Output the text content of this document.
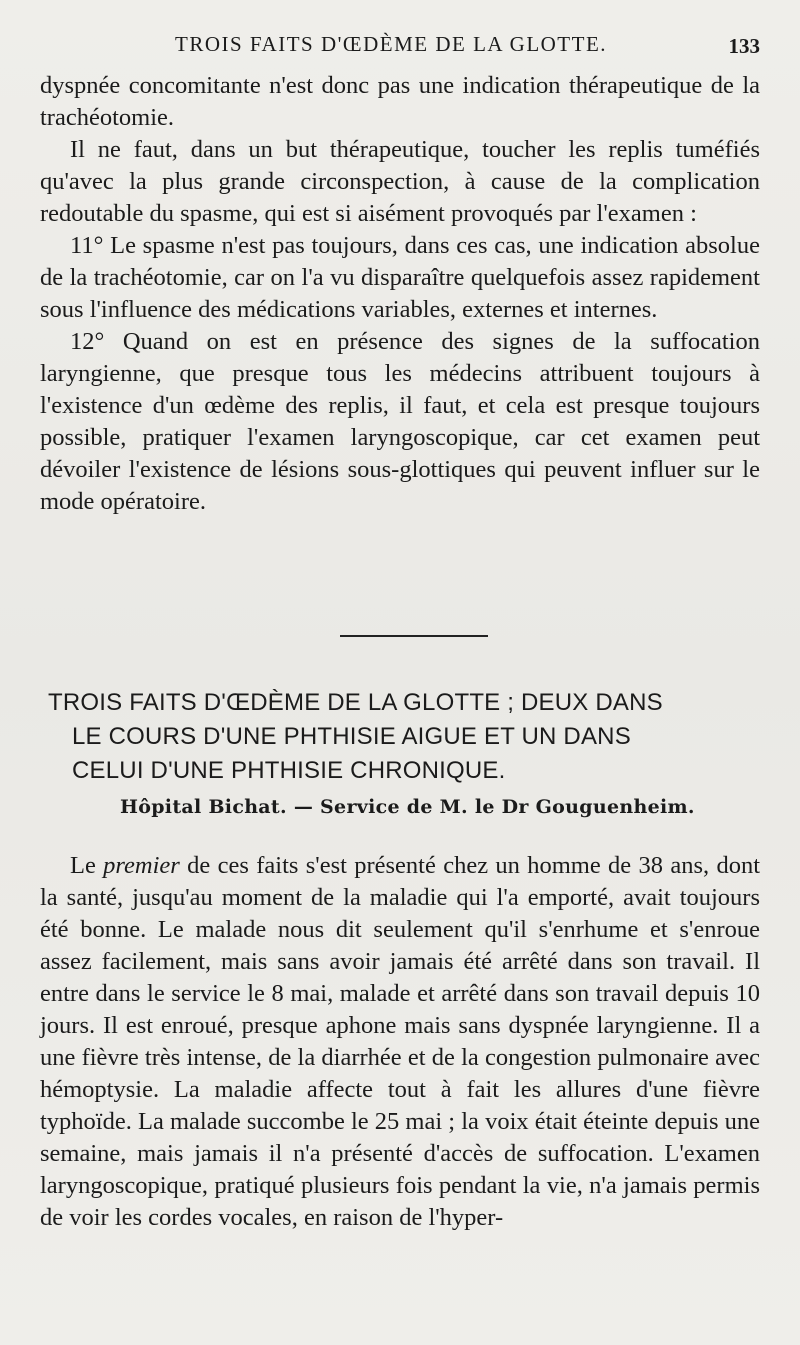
TROIS FAITS D'ŒDÈME DE LA GLOTTE.	133

dyspnée concomitante n'est donc pas une indication thérapeutique de la trachéotomie.

Il ne faut, dans un but thérapeutique, toucher les replis tuméfiés qu'avec la plus grande circonspection, à cause de la complication redoutable du spasme, qui est si aisément provoqués par l'examen :

11° Le spasme n'est pas toujours, dans ces cas, une indication absolue de la trachéotomie, car on l'a vu disparaître quelquefois assez rapidement sous l'influence des médications variables, externes et internes.

12° Quand on est en présence des signes de la suffocation laryngienne, que presque tous les médecins attribuent toujours à l'existence d'un œdème des replis, il faut, et cela est presque toujours possible, pratiquer l'examen laryngoscopique, car cet examen peut dévoiler l'existence de lésions sous-glottiques qui peuvent influer sur le mode opératoire.

TROIS FAITS D'ŒDÈME DE LA GLOTTE ; DEUX DANS
LE COURS D'UNE PHTHISIE AIGUE ET UN DANS
CELUI D'UNE PHTHISIE CHRONIQUE.
Hôpital Bichat. — Service de M. le Dr Gouguenheim.

Le premier de ces faits s'est présenté chez un homme de 38 ans, dont la santé, jusqu'au moment de la maladie qui l'a emporté, avait toujours été bonne. Le malade nous dit seulement qu'il s'enrhume et s'enroue assez facilement, mais sans avoir jamais été arrêté dans son travail. Il entre dans le service le 8 mai, malade et arrêté dans son travail depuis 10 jours. Il est enroué, presque aphone mais sans dyspnée laryngienne. Il a une fièvre très intense, de la diarrhée et de la congestion pulmonaire avec hémoptysie. La maladie affecte tout à fait les allures d'une fièvre typhoïde. La malade succombe le 25 mai ; la voix était éteinte depuis une semaine, mais jamais il n'a présenté d'accès de suffocation. L'examen laryngoscopique, pratiqué plusieurs fois pendant la vie, n'a jamais permis de voir les cordes vocales, en raison de l'hyper-
